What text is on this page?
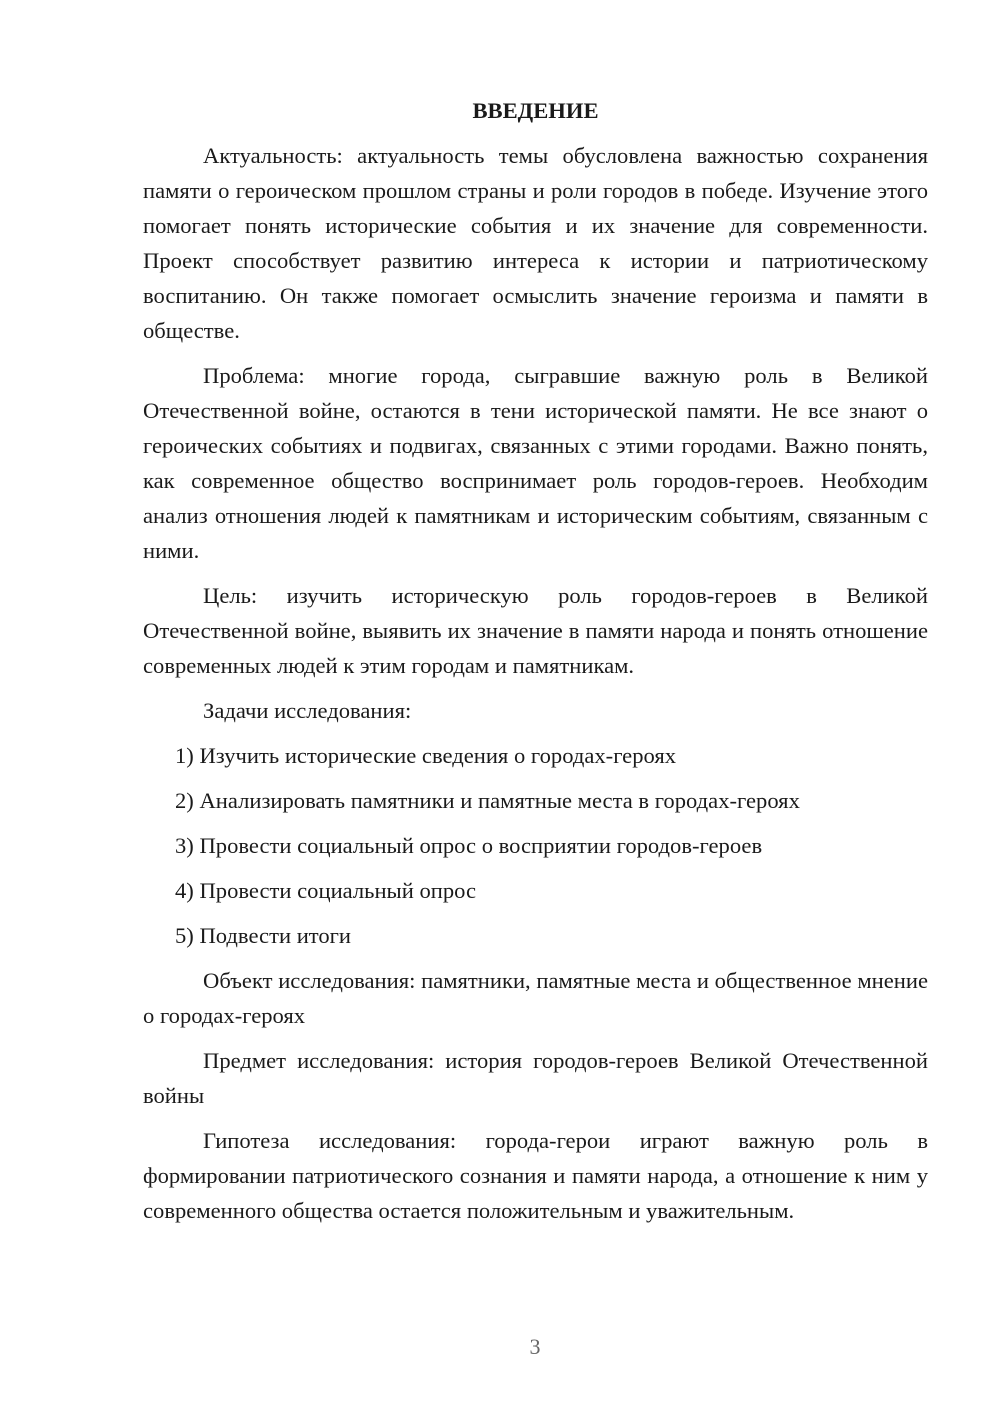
ВВЕДЕНИЕ

Актуальность: актуальность темы обусловлена важностью сохранения памяти о героическом прошлом страны и роли городов в победе. Изучение этого помогает понять исторические события и их значение для современности. Проект способствует развитию интереса к истории и патриотическому воспитанию. Он также помогает осмыслить значение героизма и памяти в обществе.

Проблема: многие города, сыгравшие важную роль в Великой Отечественной войне, остаются в тени исторической памяти. Не все знают о героических событиях и подвигах, связанных с этими городами. Важно понять, как современное общество воспринимает роль городов-героев. Необходим анализ отношения людей к памятникам и историческим событиям, связанным с ними.

Цель: изучить историческую роль городов-героев в Великой Отечественной войне, выявить их значение в памяти народа и понять отношение современных людей к этим городам и памятникам.

Задачи исследования:

1) Изучить исторические сведения о городах-героях
2) Анализировать памятники и памятные места в городах-героях
3) Провести социальный опрос о восприятии городов-героев
4) Провести социальный опрос
5) Подвести итоги

Объект исследования: памятники, памятные места и общественное мнение о городах-героях

Предмет исследования: история городов-героев Великой Отечественной войны

Гипотеза исследования: города-герои играют важную роль в формировании патриотического сознания и памяти народа, а отношение к ним у современного общества остается положительным и уважительным.

3
